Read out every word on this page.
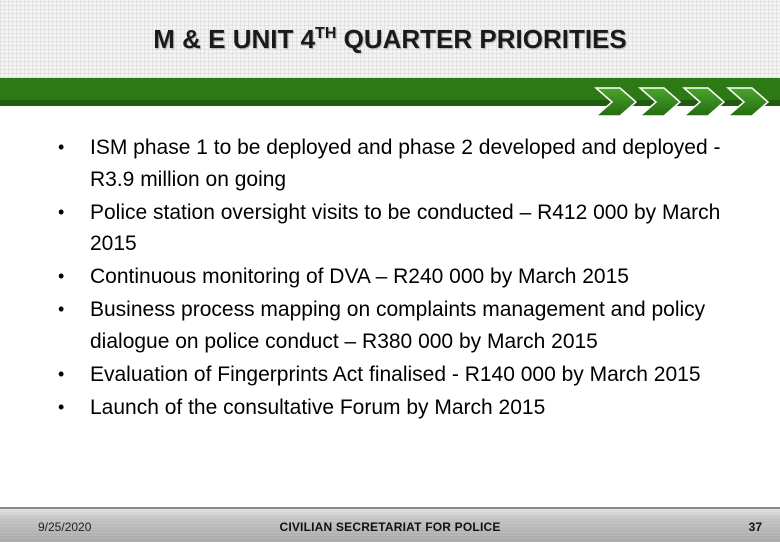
M & E UNIT 4TH QUARTER PRIORITIES
• ISM phase 1 to be deployed and phase 2 developed and deployed - R3.9 million on going
• Police station oversight visits to be conducted – R412 000 by March 2015
• Continuous monitoring of DVA – R240 000 by March 2015
• Business process mapping on complaints management and policy dialogue on police conduct – R380 000 by March 2015
• Evaluation of Fingerprints Act finalised - R140 000 by March 2015
• Launch of the consultative Forum by March 2015
9/25/2020	CIVILIAN SECRETARIAT FOR POLICE	37
